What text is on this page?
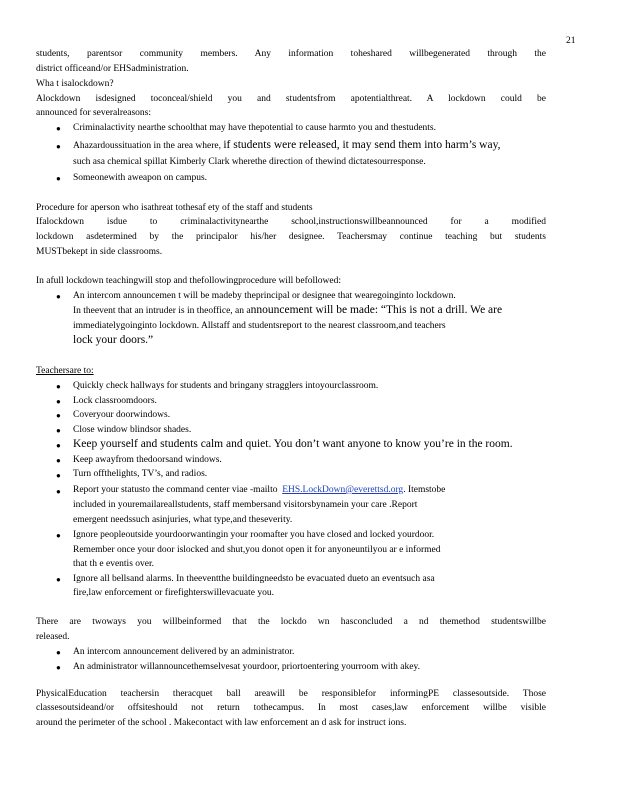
21
students, parentsor community members. Any information toheshared willbegenerated through the
district officeand/or EHSadministration.
Wha t isalockdown?
Alockdown isdesigned toconceal/shield you and studentsfrom apotentialthreat. A lockdown could be
announced for severalreasons:
● Criminalactivity nearthe schoolthat may have thepotential to cause harmto you and thestudents.
● Ahazardoussituation in the area where, if students were released, it may send them into harm’s way,
such asa chemical spillat Kimberly Clark wherethe direction of thewind dictatesourresponse.
● Someonewith aweapon on campus.
Procedure for aperson who isathreat tothesaf ety of the staff and students
Ifalockdown isdue to criminalactivitynearthe school,instructionswillbeannounced for a modified
lockdown asdetermined by the principalor his/her designee. Teachersmay continue teaching but students
MUSTbekept in side classrooms.
In afull lockdown teachingwill stop and thefollowingprocedure will befollowed:
● An intercom announcemen t will be madeby theprincipal or designee that wearegoinginto lockdown.
In theevent that an intruder is in theoffice, an announcement will be made: “This is not a drill. We are
immediatelygoinginto lockdown. Allstaff and studentsreport to the nearest classroom,and teachers
lock your doors.”
Teachersare to:
● Quickly check hallways for students and bringany stragglers intoyourclassroom.
● Lock classroomdoors.
● Coveryour doorwindows.
● Close window blindsor shades.
● Keep yourself and students calm and quiet. You don’t want anyone to know you’re in the room.
● Keep awayfrom thedoorsand windows.
● Turn offthelights, TV’s, and radios.
● Report your statusto the command center viae -mailto EHS.LockDown@everettsd.org. Itemstobe
included in youremailareallstudents, staff membersand visitorsbynamein your care .Report
emergent needssuch asinjuries, what type,and theseverity.
● Ignore peopleoutside yourdoorwantingin your roomafter you have closed and locked yourdoor.
Remember once your door islocked and shut,you donot open it for anyoneuntilyou ar e informed
that th e eventis over.
● Ignore all bellsand alarms. In theeventthe buildingneedsto be evacuated dueto an eventsuch asa
fire,law enforcement or firefighterswillevacuate you.
There are twoways you willbeinformed that the lockdo wn hasconcluded a nd themethod studentswillbe
released.
● An intercom announcement delivered by an administrator.
● An administrator willannouncethemselvesat yourdoor, priortoentering yourroom with akey.
PhysicalEducation teachersin theracquet ball areawill be responsiblefor informingPE classesoutside. Those
classesoutsideand/or offsiteshould not return tothecampus. In most cases,law enforcement willbe visible
around the perimeter of the school . Makecontact with law enforcement an d ask for instruct ions.
